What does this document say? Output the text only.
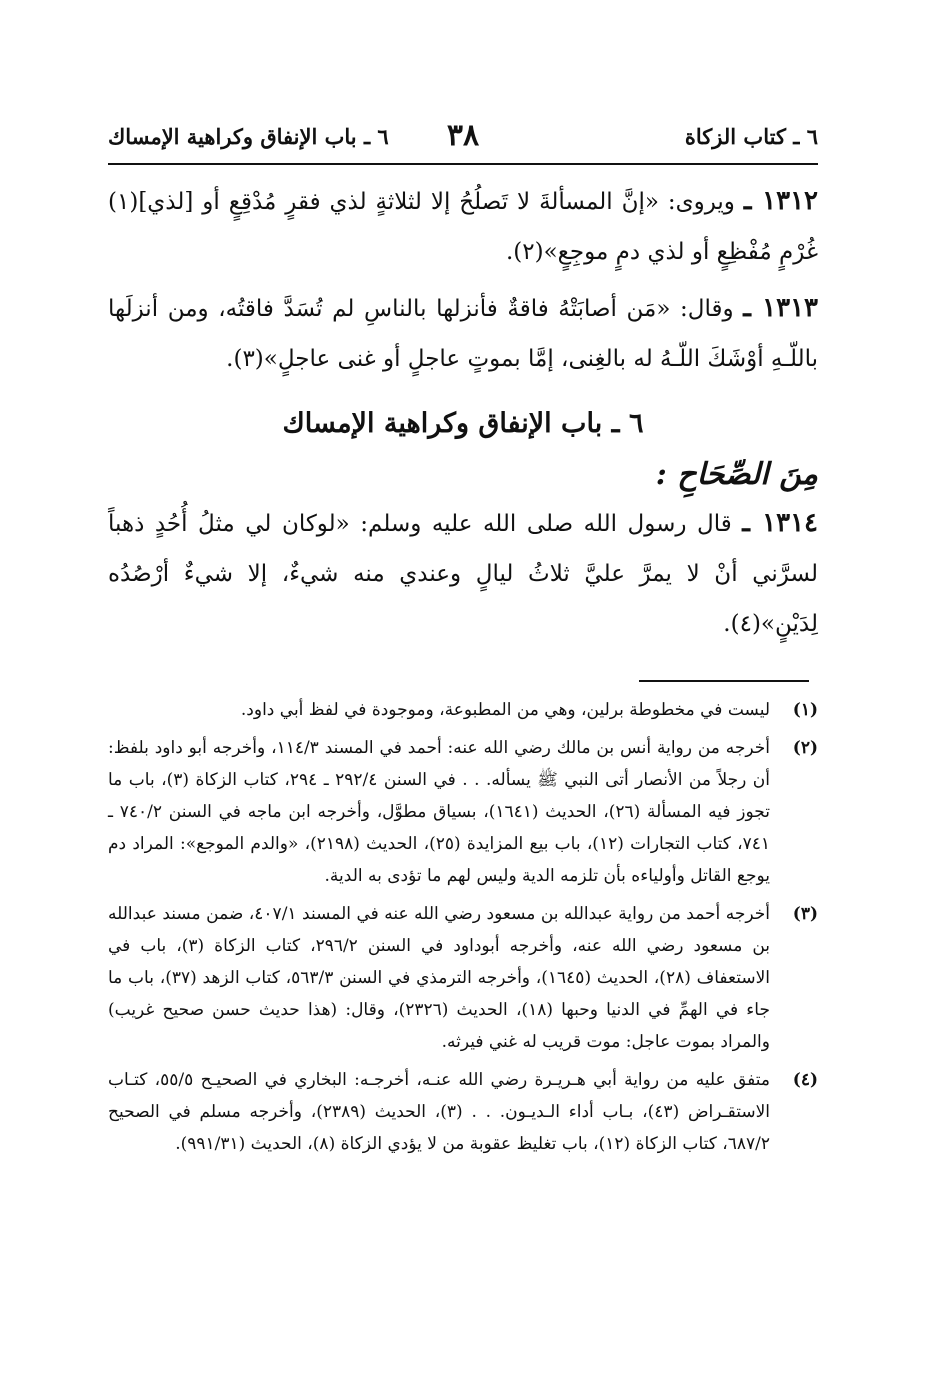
٦ ـ كتاب الزكاة
٣٨
٦ ـ باب الإنفاق وكراهية الإمساك

١٣١٢ ـ ويروى: «إنَّ المسألةَ لا تَصلُحُ إلا لثلاثةٍ لذي فقرٍ مُدْقِعٍ أو [لذي](١) غُرْمٍ مُفْظِعٍ أو لذي دمٍ موجِعٍ»(٢).

١٣١٣ ـ وقال: «مَن أصابَتْهُ فاقةٌ فأنزلها بالناسِ لم تُسَدَّ فاقتُه، ومن أنزلَها باللّـهِ أوْشَكَ اللّـهُ له بالغِنى، إمَّا بموتٍ عاجلٍ أو غنى عاجلٍ»(٣).

٦ ـ باب الإنفاق وكراهية الإمساك
مِنَ الصِّحَاحِ :

١٣١٤ ـ قال رسول الله صلى الله عليه وسلم: «لوكان لي مثلُ أُحُدٍ ذهباً لسرَّني أنْ لا يمرَّ عليَّ ثلاثُ ليالٍ وعندي منه شيءٌ، إلا شيءٌ أرْصُدُه لِدَيْنٍ»(٤).

(١)
ليست في مخطوطة برلين، وهي من المطبوعة، وموجودة في لفظ أبي داود.
(٢)
أخرجه من رواية أنس بن مالك رضي الله عنه: أحمد في المسند ١١٤/٣، وأخرجه أبو داود بلفظ: أن رجلاً من الأنصار أتى النبي ﷺ يسأله. . . في السنن ٢٩٢/٤ ـ ٢٩٤، كتاب الزكاة (٣)، باب ما تجوز فيه المسألة (٢٦)، الحديث (١٦٤١)، بسياق مطوَّل، وأخرجه ابن ماجه في السنن ٧٤٠/٢ ـ ٧٤١، كتاب التجارات (١٢)، باب بيع المزايدة (٢٥)، الحديث (٢١٩٨)، «والدم الموجع»: المراد دم يوجع القاتل وأولياءه بأن تلزمه الدية وليس لهم ما تؤدى به الدية.
(٣)
أخرجه أحمد من رواية عبدالله بن مسعود رضي الله عنه في المسند ٤٠٧/١، ضمن مسند عبدالله بن مسعود رضي الله عنه، وأخرجه أبوداود في السنن ٢٩٦/٢، كتاب الزكاة (٣)، باب في الاستعفاف (٢٨)، الحديث (١٦٤٥)، وأخرجه الترمذي في السنن ٥٦٣/٣، كتاب الزهد (٣٧)، باب ما جاء في الهمِّ في الدنيا وحبها (١٨)، الحديث (٢٣٢٦)، وقال: (هذا حديث حسن صحيح غريب) والمراد بموت عاجل: موت قريب له غني فيرثه.
(٤)
متفق عليه من رواية أبي هـريـرة رضي الله عنـه، أخرجـه: البخاري في الصحيـح ٥٥/٥، كتـاب الاستقـراض (٤٣)، بـاب أداء الـديـون. . . (٣)، الحديث (٢٣٨٩)، وأخرجه مسلم في الصحيح ٦٨٧/٢، كتاب الزكاة (١٢)، باب تغليظ عقوبة من لا يؤدي الزكاة (٨)، الحديث (٩٩١/٣١).
